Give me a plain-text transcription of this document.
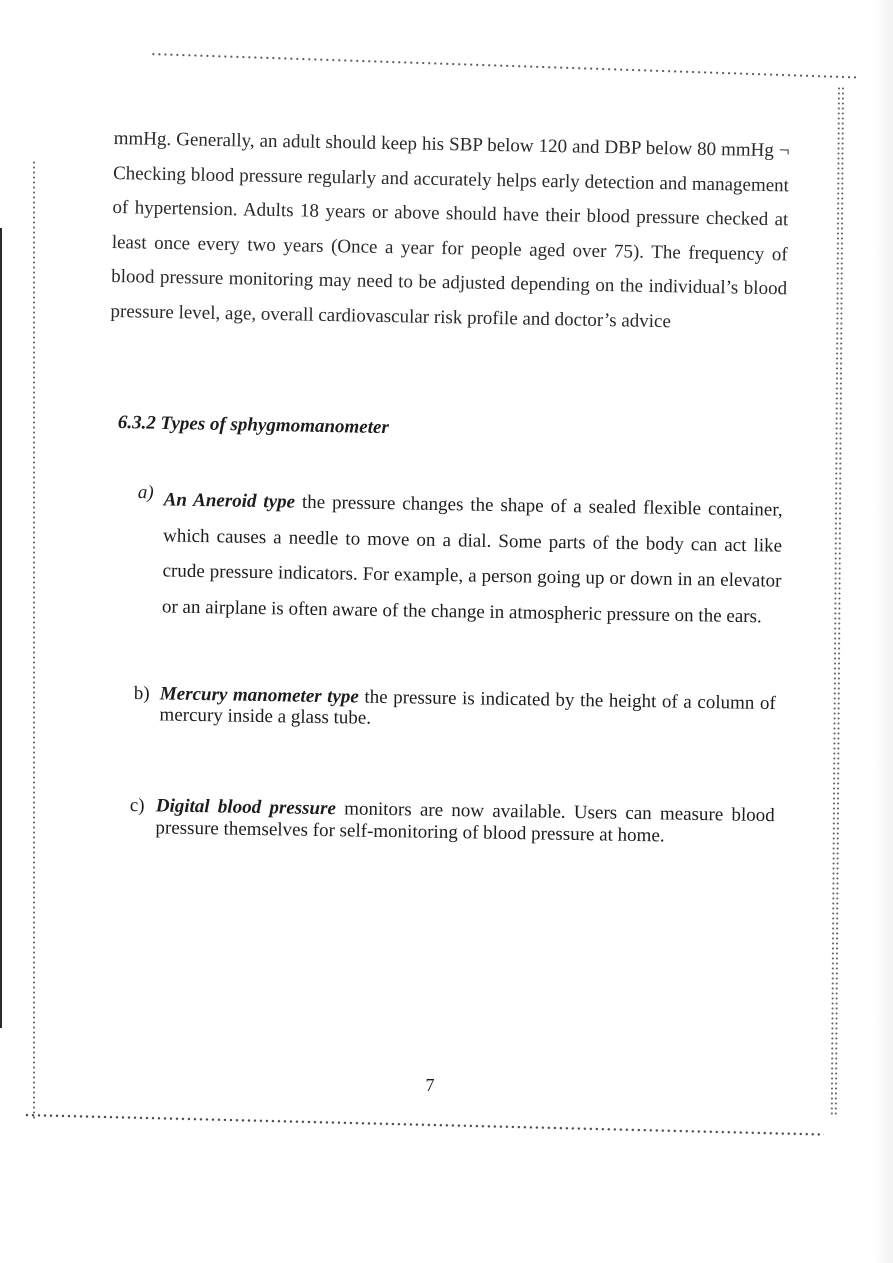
mmHg. Generally, an adult should keep his SBP below 120 and DBP below 80 mmHg ¬ Checking blood pressure regularly and accurately helps early detection and management of hypertension. Adults 18 years or above should have their blood pressure checked at least once every two years (Once a year for people aged over 75). The frequency of blood pressure monitoring may need to be adjusted depending on the individual’s blood pressure level, age, overall cardiovascular risk profile and doctor’s advice

6.3.2 Types of sphygmomanometer
a) An Aneroid type the pressure changes the shape of a sealed flexible container, which causes a needle to move on a dial. Some parts of the body can act like crude pressure indicators. For example, a person going up or down in an elevator or an airplane is often aware of the change in atmospheric pressure on the ears.

b) Mercury manometer type the pressure is indicated by the height of a column of mercury inside a glass tube.

c) Digital blood pressure monitors are now available. Users can measure blood pressure themselves for self-monitoring of blood pressure at home.

7
